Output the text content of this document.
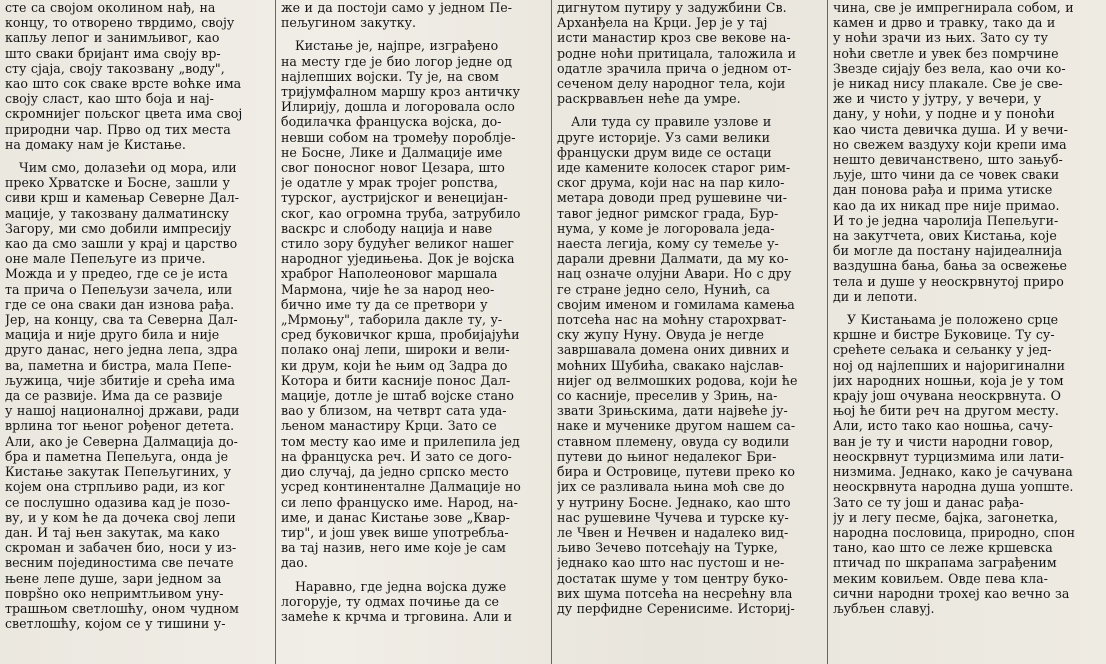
сте са својом околином нађ, на
концу, то отворено тврдимо, своју
капљу лепог и занимљивог, као
што сваки бријант има своју вр-
сту сјаја, своју такозвану „воду",
као што сок сваке врсте воћке има
своју сласт, као што боја и нај-
скромнијег пољског цвета има свој
природни чар. Прво од тих места
на домаку нам је Кистање.

Чим смо, долазећи од мора, или
преко Хрватске и Босне, зашли у
сиви крш и камењар Северне Дал-
мације, у такозвану далматинску
Загору, ми смо добили импресију
као да смо зашли у крај и царство
оне мале Пепељуге из приче.
Можда и у предео, где се је иста
та прича о Пепељузи зачела, или
где се она сваки дан изнова рађа.
Јер, на концу, сва та Северна Дал-
мација и није друго била и није
друго данас, него једна лепа, здра
ва, паметна и бистра, мала Пепе-
љужица, чије збитије и срећа има
да се развије. Има да се развије
у нашој националној држави, ради
врлина тог њеног рођеног детета.
Али, ако је Северна Далмација до-
бра и паметна Пепељуга, онда је
Кистање закутак Пепељугиних, у
којем она стрпљиво ради, из ког
се послушно одазива кад је позо-
ву, и у ком ће да дочека свој лепи
дан. И тај њен закутак, ма како
скроман и забачен био, носи у из-
весним појединостима све печате
њене лепе душе, зари једном за
поврšно око непримтљивом уну-
трашњом светлошћу, оном чудном
светлошћу, којом се у тишини у-

же и да постоји само у једном Пе-
пељугином закутку.

Кистање је, најпре, изграђено
на месту где је био логор једне од
најлепших војски. Ту је, на свом
тријумфалном маршу кроз античку
Илирију, дошла и логоровала осло
бодилачка француска војска, до-
невши собом на тромеђу пороблje-
не Босне, Лике и Далмације име
свог поносног новог Цезара, што
је одатле у мрак тројег ропства,
турског, аустријског и венецијан-
ског, као огромна труба, затрубило
васкрс и слободу нација и наве
стило зору будућег великог нашег
народног уједињења. Док је војска
храброг Наполеоновог маршала
Мармона, чије ће за народ нео-
бично име ту да се претвори у
„Мрмоњу", таборила дакле ту, у-
сред буковичког крша, пробијајући
полако онај лепи, широки и вели-
ки друм, који ће њим од Задра до
Котора и бити касније понос Дал-
мације, дотле је штаб војске стано
вао у близом, на четврт сата уда-
љеном манастиру Крци. Зато се
том месту као име и прилепила јед
на француска реч. И зато се дого-
дио случај, да једно српско место
усред континенталне Далмације но
си лепо француско име. Народ, на-
име, и данас Кистање зове „Квар-
тир", и још увек више употребља-
ва тај назив, него име које је сам
дао.

Наравно, где једна војска дуже
логорује, ту одмах почиње да се
замеће к крчма и трговина. Али и

дигнутом путиру у задужбини Св.
Арханђела на Крци. Јер је у тај
исти манастир кроз све векове на-
родне ноћи притицала, таложила и
одатле зрачила прича о једном от-
сеченом делу народног тела, који
раскрвављен неће да умре.

Али туда су правиле узлове и
друге историје. Уз сами велики
француски друм виде се остаци
иде камените колосек старог рим-
ског друма, који нас на пар кило-
метара доводи пред рушевине чи-
тавог једног римског града, Бур-
нума, у коме је логоровала једа-
наеста легија, кому су темеље у-
дарали древни Далмати, да му ко-
нац означе олујни Авари. Но с дру
ге стране једно село, Нунић, са
својим именом и гомилама камења
потсећа нас на моћну старохрват-
ску жупу Нуну. Овуда је негде
завршавала домена оних дивних и
моћних Шубића, свакако најслав-
нијег од велмошких родова, који ће
со касније, преселив у Зрињ, на-
звати Зрињскима, дати највеће ју-
наке и мученике другом нашем са-
ставном племену, овуда су водили
путеви до њиног недалеког Бри-
бира и Островице, путеви преко ко
јих се разливала њина моћ све до
у нутрину Босне. Једнако, као што
нас рушевине Чучева и турске ку-
ле Чвен и Нечвен и надалеко вид-
љиво Зечево потсећају на Турке,
једнако као што нас пустош и не-
достатак шуме у том центру буко-
вих шума потсећа на несрећну вла
ду перфидне Серенисиме. Историј-

чина, све је импрегнирала собом, и
камен и дрво и травку, тако да и
у ноћи зрачи из њих. Зато су ту
ноћи светле и увек без помрчине
Звезде сијају без вела, као очи ко-
је никад нису плакале. Све је све-
же и чисто у јутру, у вечери, у
дану, у ноћи, у подне и у поноћи
као чиста девичка душа. И у вечи-
но свежем ваздуху који крепи има
нешто девичанствено, што зањуб-
љује, што чини да се човек сваки
дан понова рађа и прима утиске
као да их никад пре није примао.
И то је једна чаролија Пепељуги-
на закутчета, ових Кистања, које
би могле да постану најидеалнија
ваздушна бања, бања за освежење
тела и душе у неоскрвнутој приро
ди и лепоти.

У Кистањама је положено срце
кршне и бистре Буковице. Ту су-
срећете сељака и сељанку у јед-
ној од најлепших и најоригинални
јих народних ношњи, која је у том
крају још очувана неоскрвнута. О
њој ће бити реч на другом месту.
Али, исто тако као ношња, сачу-
ван је ту и чисти народни говор,
неоскрвнут турцизмима или лати-
низмима. Једнако, како је сачувана
неоскрвнута народна душа уопште.
Зато се ту још и данас рађа-
ју и легу песме, бајка, загонетка,
народна пословица, природно, спон
тано, као што се леже кршевска
птичад по шкрапама заграђеним
меким ковиљем. Овде пева кла-
сични народни трохеј као вечно за
љубљен славуј.
